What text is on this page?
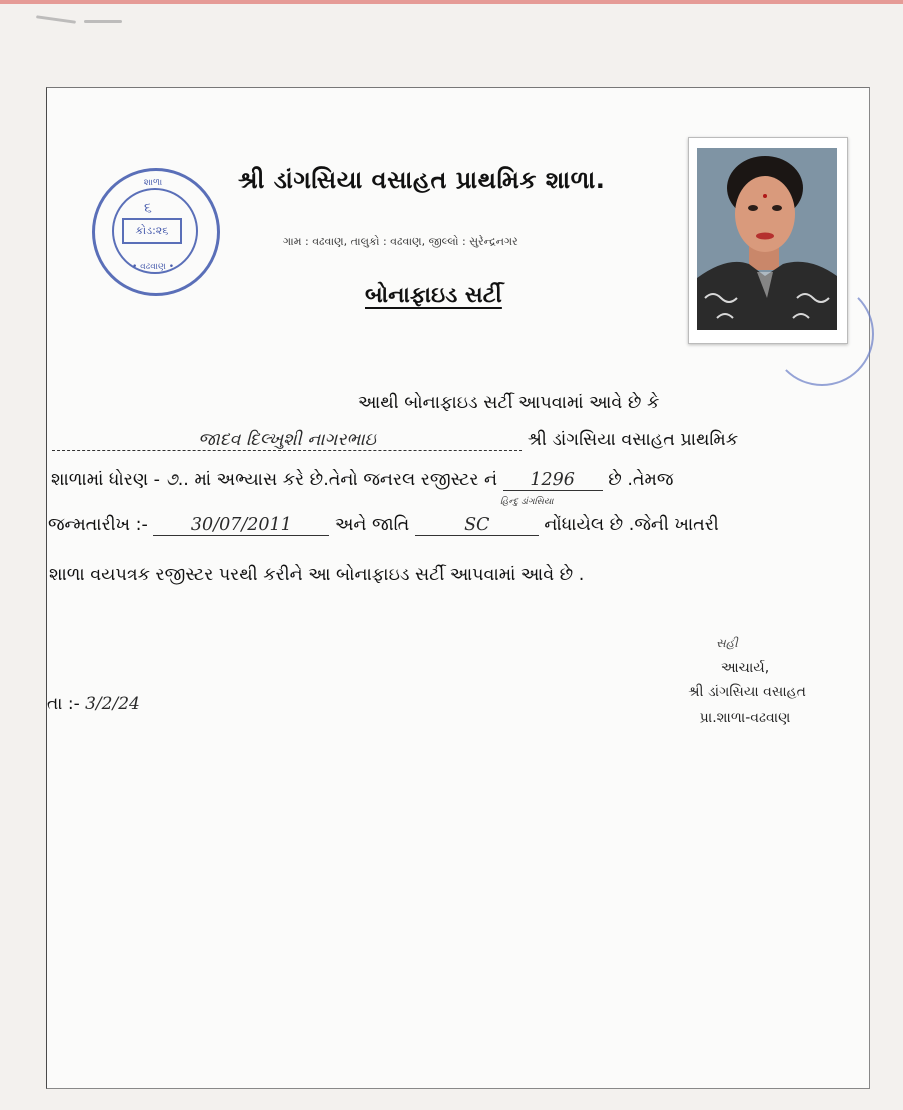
શાળા
૬
કોડ:૨૬
• વઢવાણ •
શ્રી ડાંગસિયા વસાહત પ્રાથમિક શાળા.
ગામ : વઢવાણ, તાલુકો : વઢવાણ, જીલ્લો : સુરેન્દ્રનગર
બોનાફાઇડ સર્ટી
આથી બોનાફાઇડ સર્ટી આપવામાં આવે છે કે
જાદવ દિલ્ખુશી નાગરભાઇ	શ્રી ડાંગસિયા વસાહત પ્રાથમિક
શાળામાં ધોરણ - ૭.. માં અભ્યાસ કરે છે.તેનો જનરલ રજીસ્ટર નં 1296 છે .તેમજ
હિન્દુ ડાંગસિયા
જન્મતારીખ :- 30/07/2011 અને જાતિ	SC	નોંધાયેલ છે .જેની ખાતરી
શાળા વયપત્રક રજીસ્ટર પરથી કરીને આ બોનાફાઇડ સર્ટી આપવામાં આવે છે .
સહી
આચાર્ય,
શ્રી ડાંગસિયા વસાહત
પ્રા.શાળા-વઢવાણ
તા :- 3/2/24
